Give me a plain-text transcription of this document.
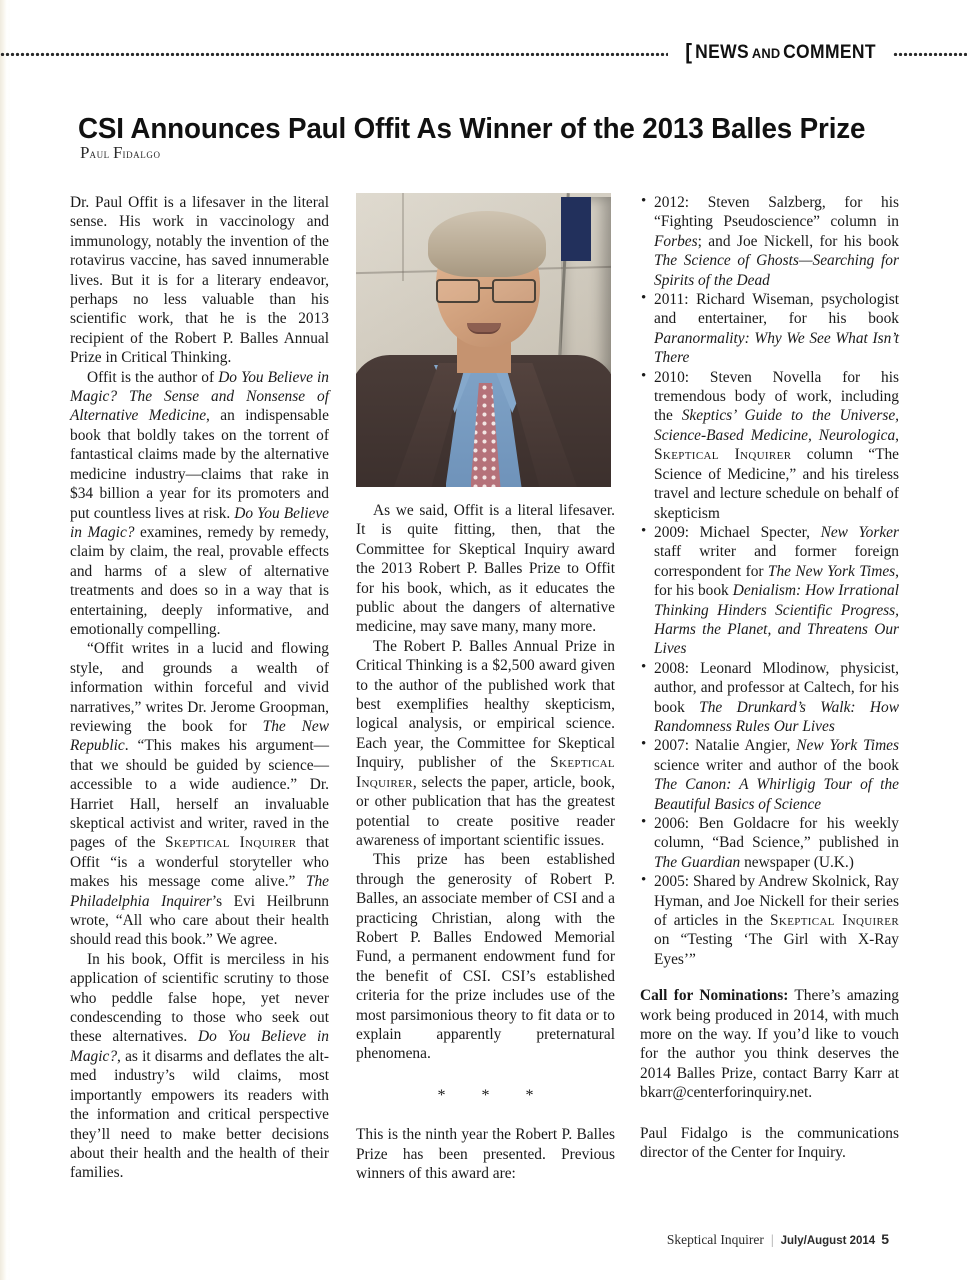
[ NEWS AND COMMENT
CSI Announces Paul Offit As Winner of the 2013 Balles Prize
Paul Fidalgo

Dr. Paul Offit is a lifesaver in the literal sense. His work in vaccinology and immunology, notably the invention of the rotavirus vaccine, has saved innumerable lives. But it is for a literary endeavor, perhaps no less valuable than his scientific work, that he is the 2013 recipient of the Robert P. Balles Annual Prize in Critical Thinking.

Offit is the author of Do You Believe in Magic? The Sense and Nonsense of Alternative Medicine, an indispensable book that boldly takes on the torrent of fantastical claims made by the alternative medicine industry—claims that rake in $34 billion a year for its promoters and put countless lives at risk. Do You Believe in Magic? examines, remedy by remedy, claim by claim, the real, provable effects and harms of a slew of alternative treatments and does so in a way that is entertaining, deeply informative, and emotionally compelling.

“Offit writes in a lucid and flowing style, and grounds a wealth of information within forceful and vivid narratives,” writes Dr. Jerome Groopman, reviewing the book for The New Republic. “This makes his argument—that we should be guided by science—accessible to a wide audience.” Dr. Harriet Hall, herself an invaluable skeptical activist and writer, raved in the pages of the Skeptical Inquirer that Offit “is a wonderful storyteller who makes his message come alive.” The Philadelphia Inquirer’s Evi Heilbrunn wrote, “All who care about their health should read this book.” We agree.

In his book, Offit is merciless in his application of scientific scrutiny to those who peddle false hope, yet never condescending to those who seek out these alternatives. Do You Believe in Magic?, as it disarms and deflates the alt-med industry’s wild claims, most importantly empowers its readers with the information and critical perspective they’ll need to make better decisions about their health and the health of their families.

As we said, Offit is a literal lifesaver. It is quite fitting, then, that the Committee for Skeptical Inquiry award the 2013 Robert P. Balles Prize to Offit for his book, which, as it educates the public about the dangers of alternative medicine, may save many, many more.

The Robert P. Balles Annual Prize in Critical Thinking is a $2,500 award given to the author of the published work that best exemplifies healthy skepticism, logical analysis, or empirical science. Each year, the Committee for Skeptical Inquiry, publisher of the Skeptical Inquirer, selects the paper, article, book, or other publication that has the greatest potential to create positive reader awareness of important scientific issues.

This prize has been established through the generosity of Robert P. Balles, an associate member of CSI and a practicing Christian, along with the Robert P. Balles Endowed Memorial Fund, a permanent endowment fund for the benefit of CSI. CSI’s established criteria for the prize includes use of the most parsimonious theory to fit data or to explain apparently preternatural phenomena.

* * *

This is the ninth year the Robert P. Balles Prize has been presented. Previous winners of this award are:

• 2012: Steven Salzberg, for his “Fighting Pseudoscience” column in Forbes; and Joe Nickell, for his book The Science of Ghosts—Searching for Spirits of the Dead
• 2011: Richard Wiseman, psychologist and entertainer, for his book Paranormality: Why We See What Isn’t There
• 2010: Steven Novella for his tremendous body of work, including the Skeptics’ Guide to the Universe, Science-Based Medicine, Neurologica, Skeptical Inquirer column “The Science of Medicine,” and his tireless travel and lecture schedule on behalf of skepticism
• 2009: Michael Specter, New Yorker staff writer and former foreign correspondent for The New York Times, for his book Denialism: How Irrational Thinking Hinders Scientific Progress, Harms the Planet, and Threatens Our Lives
• 2008: Leonard Mlodinow, physicist, author, and professor at Caltech, for his book The Drunkard’s Walk: How Randomness Rules Our Lives
• 2007: Natalie Angier, New York Times science writer and author of the book The Canon: A Whirligig Tour of the Beautiful Basics of Science
• 2006: Ben Goldacre for his weekly column, “Bad Science,” published in The Guardian newspaper (U.K.)
• 2005: Shared by Andrew Skolnick, Ray Hyman, and Joe Nickell for their series of articles in the Skeptical Inquirer on “Testing ‘The Girl with X-Ray Eyes’”

Call for Nominations: There’s amazing work being produced in 2014, with much more on the way. If you’d like to vouch for the author you think deserves the 2014 Balles Prize, contact Barry Karr at bkarr@centerforinquiry.net.

Paul Fidalgo is the communications director of the Center for Inquiry.

Skeptical Inquirer | July/August 2014 5
